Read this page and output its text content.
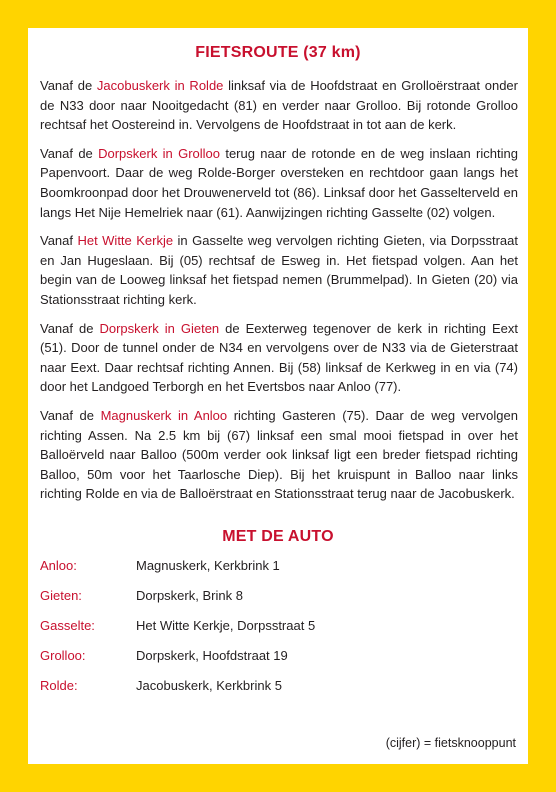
FIETSROUTE (37 km)

Vanaf de Jacobuskerk in Rolde linksaf via de Hoofdstraat en Grolloërstraat onder de N33 door naar Nooitgedacht (81) en verder naar Grolloo. Bij rotonde Grolloo rechtsaf het Oostereind in. Vervolgens de Hoofdstraat in tot aan de kerk.

Vanaf de Dorpskerk in Grolloo terug naar de rotonde en de weg inslaan richting Papenvoort. Daar de weg Rolde-Borger oversteken en rechtdoor gaan langs het Boomkroonpad door het Drouwenerveld tot (86). Linksaf door het Gasselterveld en langs Het Nije Hemelriek naar (61). Aanwijzingen richting Gasselte (02) volgen.

Vanaf Het Witte Kerkje in Gasselte weg vervolgen richting Gieten, via Dorpsstraat en Jan Hugeslaan. Bij (05) rechtsaf de Esweg in. Het fietspad volgen. Aan het begin van de Looweg linksaf het fietspad nemen (Brummelpad). In Gieten (20) via Stationsstraat richting kerk.

Vanaf de Dorpskerk in Gieten de Eexterweg tegenover de kerk in richting Eext (51). Door de tunnel onder de N34 en vervolgens over de N33 via de Gieterstraat naar Eext. Daar rechtsaf richting Annen. Bij (58) linksaf de Kerkweg in en via (74) door het Landgoed Terborgh en het Evertsbos naar Anloo (77).

Vanaf de Magnuskerk in Anloo richting Gasteren (75). Daar de weg vervolgen richting Assen. Na 2.5 km bij (67) linksaf een smal mooi fietspad in over het Balloërveld naar Balloo (500m verder ook linksaf ligt een breder fietspad richting Balloo, 50m voor het Taarlosche Diep). Bij het kruispunt in Balloo naar links richting Rolde en via de Balloërstraat en Stationsstraat terug naar de Jacobuskerk.

MET DE AUTO
Anloo:	Magnuskerk, Kerkbrink 1
Gieten:	Dorpskerk, Brink 8
Gasselte:	Het Witte Kerkje, Dorpsstraat 5
Grolloo:	Dorpskerk, Hoofdstraat 19
Rolde:	Jacobuskerk, Kerkbrink 5
(cijfer) = fietsknooppunt
